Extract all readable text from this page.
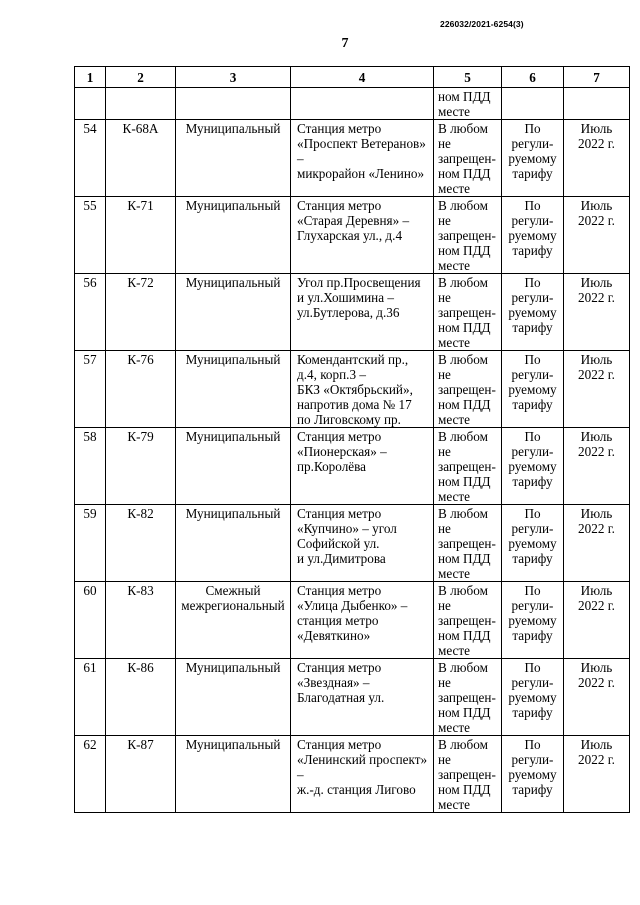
226032/2021-6254(3)
7
1	2	3	4	5	6	7
				ном ПДД
месте		
54	К-68А	Муниципальный	Станция метро
«Проспект Ветеранов» –
микрорайон «Ленино»	В любом
не
запрещен-
ном ПДД
месте	По
регули-
руемому
тарифу	Июль
2022 г.
55	К-71	Муниципальный	Станция метро
«Старая Деревня» –
Глухарская ул., д.4	В любом
не
запрещен-
ном ПДД
месте	По
регули-
руемому
тарифу	Июль
2022 г.
56	К-72	Муниципальный	Угол пр.Просвещения
и ул.Хошимина –
ул.Бутлерова, д.36	В любом
не
запрещен-
ном ПДД
месте	По
регули-
руемому
тарифу	Июль
2022 г.
57	К-76	Муниципальный	Комендантский пр.,
д.4, корп.3 –
БКЗ «Октябрьский»,
напротив дома № 17
по Лиговскому пр.	В любом
не
запрещен-
ном ПДД
месте	По
регули-
руемому
тарифу	Июль
2022 г.
58	К-79	Муниципальный	Станция метро
«Пионерская» –
пр.Королёва	В любом
не
запрещен-
ном ПДД
месте	По
регули-
руемому
тарифу	Июль
2022 г.
59	К-82	Муниципальный	Станция метро
«Купчино» – угол
Софийской ул.
и ул.Димитрова	В любом
не
запрещен-
ном ПДД
месте	По
регули-
руемому
тарифу	Июль
2022 г.
60	К-83	Смежный
межрегиональный	Станция метро
«Улица Дыбенко» –
станция метро
«Девяткино»	В любом
не
запрещен-
ном ПДД
месте	По
регули-
руемому
тарифу	Июль
2022 г.
61	К-86	Муниципальный	Станция метро
«Звездная» –
Благодатная ул.	В любом
не
запрещен-
ном ПДД
месте	По
регули-
руемому
тарифу	Июль
2022 г.
62	К-87	Муниципальный	Станция метро
«Ленинский проспект» –
ж.-д. станция Лигово	В любом
не
запрещен-
ном ПДД
месте	По
регули-
руемому
тарифу	Июль
2022 г.
